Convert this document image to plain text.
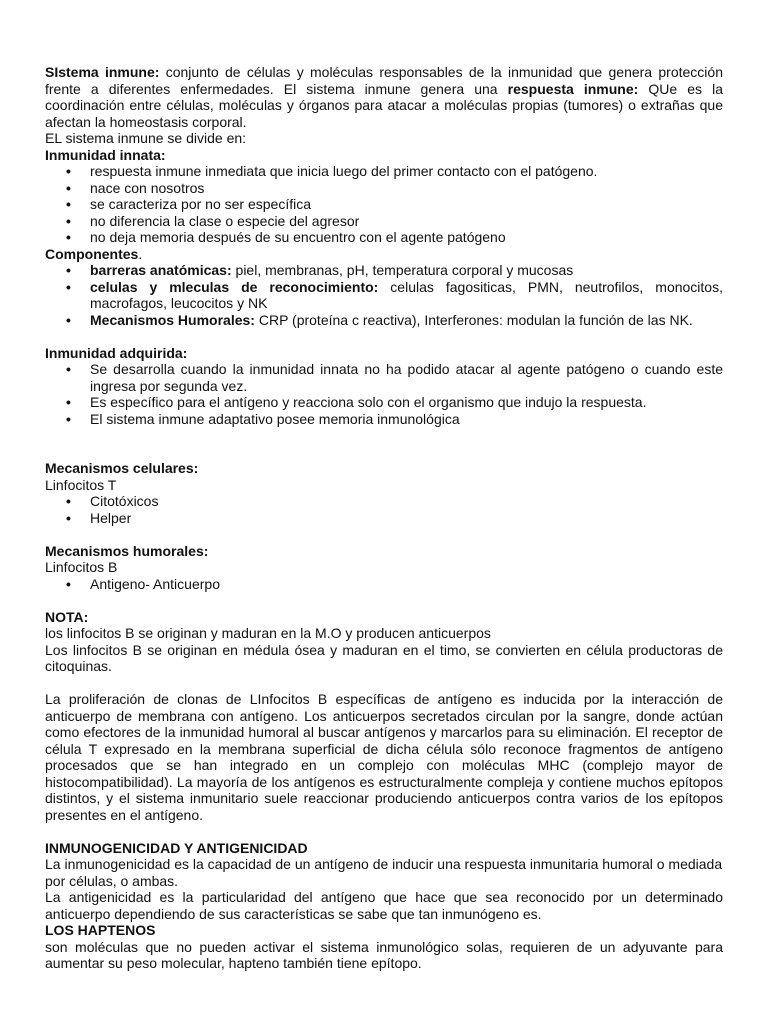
SIstema inmune: conjunto de células y moléculas responsables de la inmunidad que genera protección frente a diferentes enfermedades. El sistema inmune genera una respuesta inmune: QUe es la coordinación entre células, moléculas y órganos para atacar a moléculas propias (tumores) o extrañas que afectan la homeostasis corporal.

EL sistema inmune se divide en:

Inmunidad innata:

• respuesta inmune inmediata que inicia luego del primer contacto con el patógeno.
• nace con nosotros
• se caracteriza por no ser específica
• no diferencia la clase o especie del agresor
• no deja memoria después de su encuentro con el agente patógeno

Componentes.

• barreras anatómicas: piel, membranas, pH, temperatura corporal y mucosas
• celulas y mleculas de reconocimiento: celulas fagositicas, PMN, neutrofilos, monocitos, macrofagos, leucocitos y NK
• Mecanismos Humorales: CRP (proteína c reactiva), Interferones: modulan la función de las NK.

Inmunidad adquirida:

• Se desarrolla cuando la inmunidad innata no ha podido atacar al agente patógeno o cuando este ingresa por segunda vez.
• Es específico para el antígeno y reacciona solo con el organismo que indujo la respuesta.
• El sistema inmune adaptativo posee memoria inmunológica

Mecanismos celulares:

Linfocitos T

• Citotóxicos
• Helper

Mecanismos humorales:

Linfocitos B

• Antigeno- Anticuerpo

NOTA:

los linfocitos B se originan y maduran en la M.O y producen anticuerpos

Los linfocitos B se originan en médula ósea y maduran en el timo, se convierten en célula productoras de citoquinas.

La proliferación de clonas de LInfocitos B específicas de antígeno es inducida por la interacción de anticuerpo de membrana con antígeno. Los anticuerpos secretados circulan por la sangre, donde actúan como efectores de la inmunidad humoral al buscar antígenos y marcarlos para su eliminación. El receptor de célula T expresado en la membrana superficial de dicha célula sólo reconoce fragmentos de antígeno procesados que se han integrado en un complejo con moléculas MHC (complejo mayor de histocompatibilidad). La mayoría de los antígenos es estructuralmente compleja y contiene muchos epítopos distintos, y el sistema inmunitario suele reaccionar produciendo anticuerpos contra varios de los epítopos presentes en el antígeno.

INMUNOGENICIDAD Y ANTIGENICIDAD

La inmunogenicidad es la capacidad de un antígeno de inducir una respuesta inmunitaria humoral o mediada por células, o ambas.

La antigenicidad es la particularidad del antígeno que hace que sea reconocido por un determinado anticuerpo dependiendo de sus características se sabe que tan inmunógeno es.

LOS HAPTENOS

son moléculas que no pueden activar el sistema inmunológico solas, requieren de un adyuvante para aumentar su peso molecular, hapteno también tiene epítopo.
